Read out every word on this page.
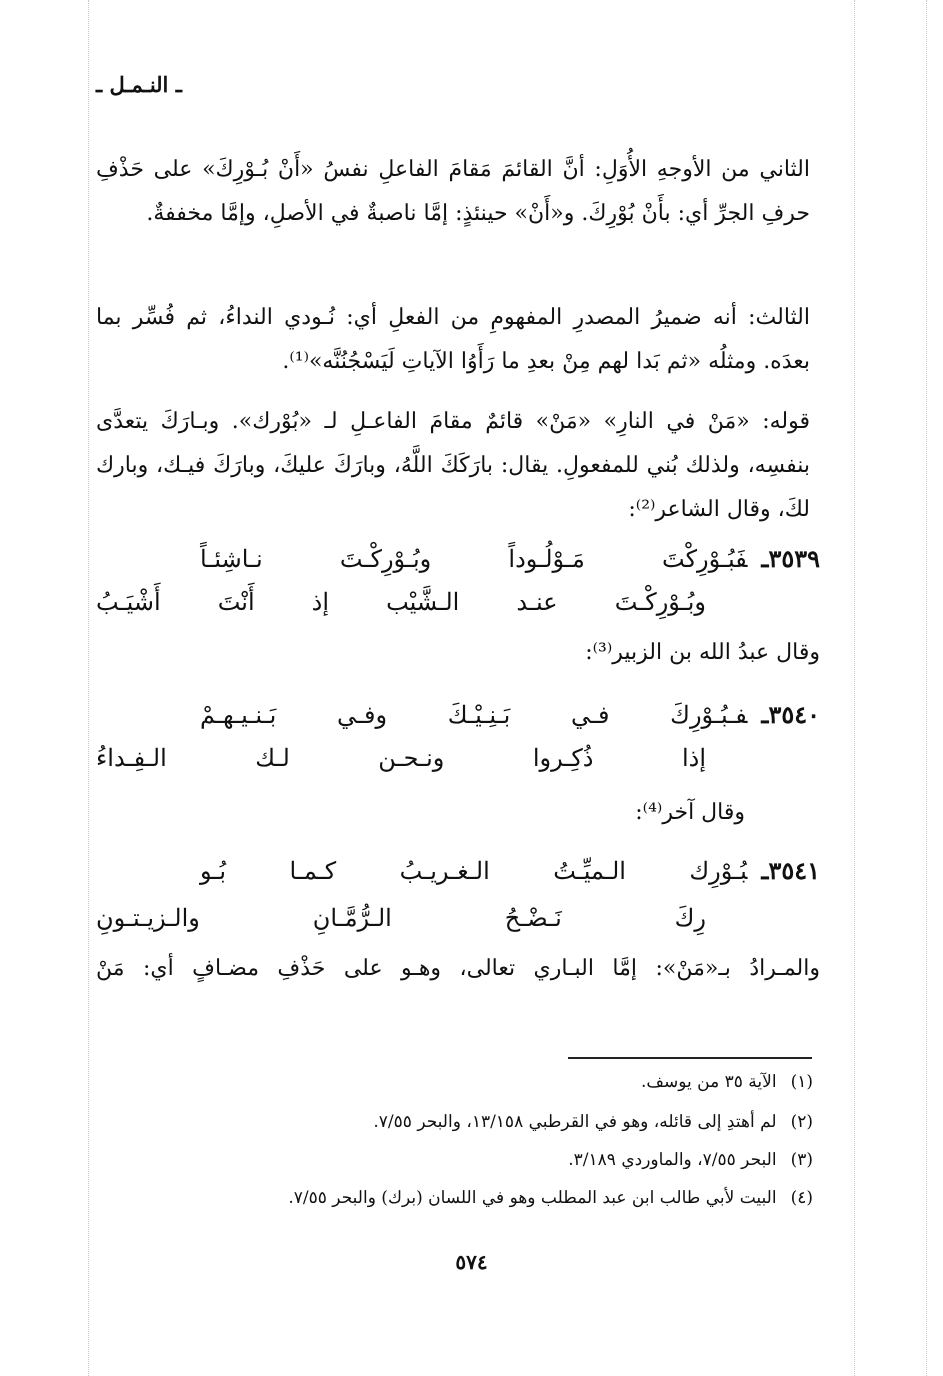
ـ النـمـل ـ

الثاني من الأوجهِ الأُوَلِ: أنَّ القائمَ مَقامَ الفاعلِ نفسُ «أَنْ بُـوْرِكَ» على حَذْفِ حرفِ الجرِّ أي: بأَنْ بُوْرِكَ. و«أَنْ» حينئذٍ: إمَّا ناصبةٌ في الأصلِ، وإمَّا مخففةٌ.

الثالث: أنه ضميرُ المصدرِ المفهومِ من الفعلِ أي: نُـودي النداءُ، ثم فُسِّر بما بعدَه. ومثلُه «ثم بَدا لهم مِنْ بعدِ ما رَأَوُا الآياتِ لَيَسْجُنُنَّه»⁽¹⁾.

قوله: «مَنْ في النارِ» «مَنْ» قائمٌ مقامَ الفاعـلِ لـ «بُوْرك». وبـارَكَ يتعدَّى بنفسِه، ولذلك بُني للمفعولِ. يقال: بارَكَكَ اللَّهُ، وبارَكَ عليكَ، وبارَكَ فيـك، وبارك لكَ، وقال الشاعر⁽²⁾:

٣٥٣٩ـفَبُـوْرِكْتَ مَـوْلُـوداً وبُـوْرِكْـتَ نـاشِئـاً
وبُـوْرِكْـتَ عنـد الـشَّيْب إذ أَنْتَ أَشْيَـبُ
وقال عبدُ الله بن الزبير⁽³⁾:
٣٥٤٠ـفـبُـوْرِكَ فـي بَـنِـيْـكَ وفـي بَـنـيـهـمْ
إذا ذُكِـروا ونـحـن لـك الـفِـداءُ
وقال آخر⁽⁴⁾:
٣٥٤١ـبُـوْرِك الـميِّـتُ الـغـريـبُ كـمـا بُـو
رِكَ نَـضْـحُ الـرُّمَّـانِ والـزيـتـونِ
والمـرادُ بـ«مَنْ»: إمَّا البـاري تعالى، وهـو على حَذْفِ مضـافٍ أي: مَنْ
(١)الآية ٣٥ من يوسف.
(٢)لم أهتدِ إلى قائله، وهو في القرطبي ١٣/١٥٨، والبحر ٧/٥٥.
(٣)البحر ٧/٥٥، والماوردي ٣/١٨٩.
(٤)البيت لأبي طالب ابن عبد المطلب وهو في اللسان (برك) والبحر ٧/٥٥.
٥٧٤
